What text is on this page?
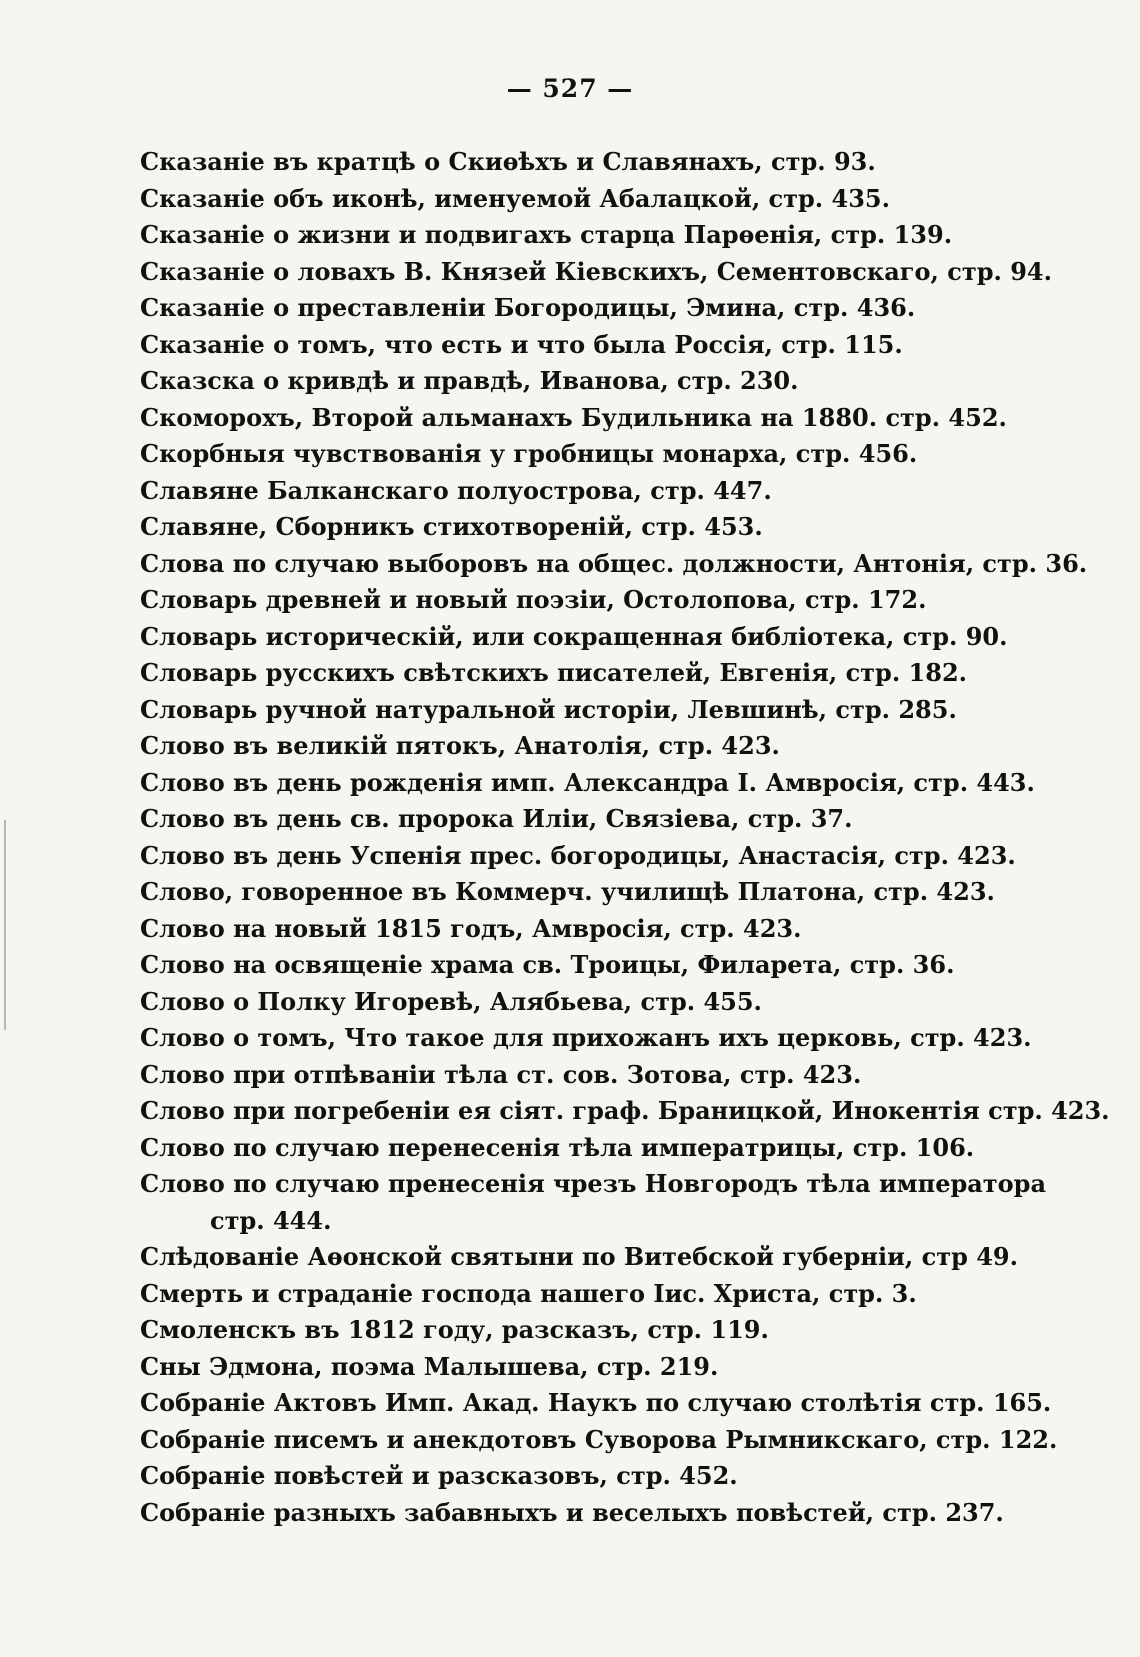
— 527 —
Сказаніе въ кратцѣ о Скиѳѣхъ и Славянахъ, стр. 93.
Сказаніе объ иконѣ, именуемой Абалацкой, стр. 435.
Сказаніе о жизни и подвигахъ старца Парѳенія, стр. 139.
Сказаніе о ловахъ В. Князей Кіевскихъ, Сементовскаго, стр. 94.
Сказаніе о преставленіи Богородицы, Эмина, стр. 436.
Сказаніе о томъ, что есть и что была Россія, стр. 115.
Сказска о кривдѣ и правдѣ, Иванова, стр. 230.
Скоморохъ, Второй альманахъ Будильника на 1880. стр. 452.
Скорбныя чувствованія у гробницы монарха, стр. 456.
Славяне Балканскаго полуострова, стр. 447.
Славяне, Сборникъ стихотвореній, стр. 453.
Слова по случаю выборовъ на общес. должности, Антонія, стр. 36.
Словарь древней и новый поэзіи, Остолопова, стр. 172.
Словарь историческій, или сокращенная библіотека, стр. 90.
Словарь русскихъ свѣтскихъ писателей, Евгенія, стр. 182.
Словарь ручной натуральной исторіи, Левшинѣ, стр. 285.
Слово въ великій пятокъ, Анатолія, стр. 423.
Слово въ день рожденія имп. Александра I. Амвросія, стр. 443.
Слово въ день св. пророка Иліи, Связіева, стр. 37.
Слово въ день Успенія прес. богородицы, Анастасія, стр. 423.
Слово, говоренное въ Коммерч. училищѣ Платона, стр. 423.
Слово на новый 1815 годъ, Амвросія, стр. 423.
Слово на освященіе храма св. Троицы, Филарета, стр. 36.
Слово о Полку Игоревѣ, Алябьева, стр. 455.
Слово о томъ, Что такое для прихожанъ ихъ церковь, стр. 423.
Слово при отпѣваніи тѣла ст. сов. Зотова, стр. 423.
Слово при погребеніи ея сіят. граф. Браницкой, Инокентія стр. 423.
Слово по случаю перенесенія тѣла императрицы, стр. 106.
Слово по случаю пренесенія чрезъ Новгородъ тѣла императора стр. 444.
Слѣдованіе Аѳонской святыни по Витебской губерніи, стр 49.
Смерть и страданіе господа нашего Іис. Христа, стр. 3.
Смоленскъ въ 1812 году, разсказъ, стр. 119.
Сны Эдмона, поэма Малышева, стр. 219.
Собраніе Актовъ Имп. Акад. Наукъ по случаю столѣтія стр. 165.
Собраніе писемъ и анекдотовъ Суворова Рымникскаго, стр. 122.
Собраніе повѣстей и разсказовъ, стр. 452.
Собраніе разныхъ забавныхъ и веселыхъ повѣстей, стр. 237.
